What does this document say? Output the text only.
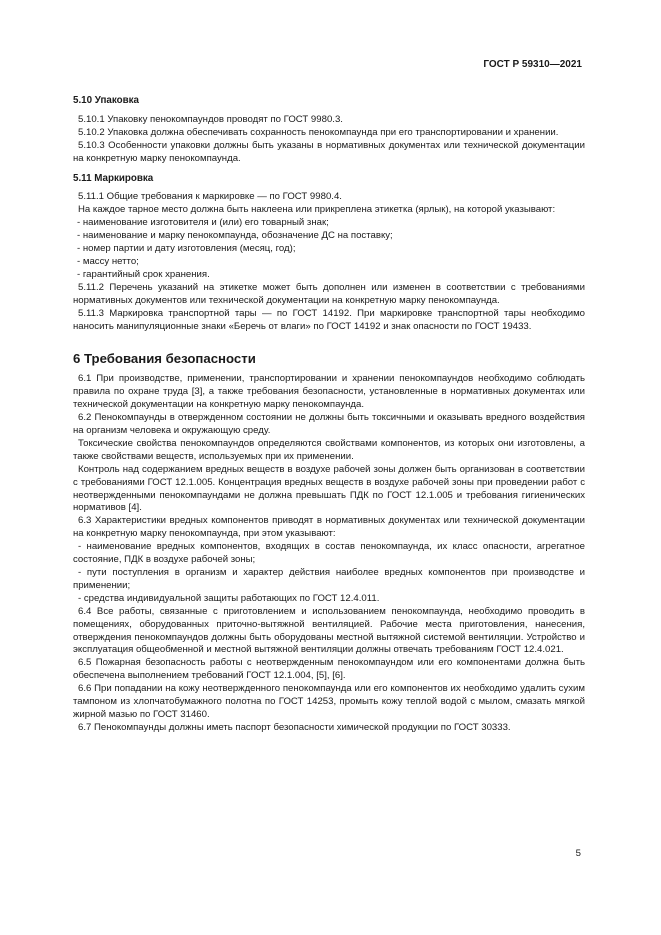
ГОСТ Р 59310—2021
5.10 Упаковка

5.10.1 Упаковку пенокомпаундов проводят по ГОСТ 9980.3.

5.10.2 Упаковка должна обеспечивать сохранность пенокомпаунда при его транспортировании и хранении.

5.10.3 Особенности упаковки должны быть указаны в нормативных документах или технической документации на конкретную марку пенокомпаунда.

5.11 Маркировка

5.11.1 Общие требования к маркировке — по ГОСТ 9980.4.

На каждое тарное место должна быть наклеена или прикреплена этикетка (ярлык), на которой указывают:

- наименование изготовителя и (или) его товарный знак;

- наименование и марку пенокомпаунда, обозначение ДС на поставку;

- номер партии и дату изготовления (месяц, год);

- массу нетто;

- гарантийный срок хранения.

5.11.2 Перечень указаний на этикетке может быть дополнен или изменен в соответствии с требованиями нормативных документов или технической документации на конкретную марку пенокомпаунда.

5.11.3 Маркировка транспортной тары — по ГОСТ 14192. При маркировке транспортной тары необходимо наносить манипуляционные знаки «Беречь от влаги» по ГОСТ 14192 и знак опасности по ГОСТ 19433.

6 Требования безопасности

6.1 При производстве, применении, транспортировании и хранении пенокомпаундов необходимо соблюдать правила по охране труда [3], а также требования безопасности, установленные в нормативных документах или технической документации на конкретную марку пенокомпаунда.

6.2 Пенокомпаунды в отвержденном состоянии не должны быть токсичными и оказывать вредного воздействия на организм человека и окружающую среду.

Токсические свойства пенокомпаундов определяются свойствами компонентов, из которых они изготовлены, а также свойствами веществ, используемых при их применении.

Контроль над содержанием вредных веществ в воздухе рабочей зоны должен быть организован в соответствии с требованиями ГОСТ 12.1.005. Концентрация вредных веществ в воздухе рабочей зоны при проведении работ с неотвержденными пенокомпаундами не должна превышать ПДК по ГОСТ 12.1.005 и требования гигиенических нормативов [4].

6.3 Характеристики вредных компонентов приводят в нормативных документах или технической документации на конкретную марку пенокомпаунда, при этом указывают:

- наименование вредных компонентов, входящих в состав пенокомпаунда, их класс опасности, агрегатное состояние, ПДК в воздухе рабочей зоны;

- пути поступления в организм и характер действия наиболее вредных компонентов при производстве и применении;

- средства индивидуальной защиты работающих по ГОСТ 12.4.011.

6.4 Все работы, связанные с приготовлением и использованием пенокомпаунда, необходимо проводить в помещениях, оборудованных приточно-вытяжной вентиляцией. Рабочие места приготовления, нанесения, отверждения пенокомпаундов должны быть оборудованы местной вытяжной системой вентиляции. Устройство и эксплуатация общеобменной и местной вытяжной вентиляции должны отвечать требованиям ГОСТ 12.4.021.

6.5 Пожарная безопасность работы с неотвержденным пенокомпаундом или его компонентами должна быть обеспечена выполнением требований ГОСТ 12.1.004, [5], [6].

6.6 При попадании на кожу неотвержденного пенокомпаунда или его компонентов их необходимо удалить сухим тампоном из хлопчатобумажного полотна по ГОСТ 14253, промыть кожу теплой водой с мылом, смазать мягкой жирной мазью по ГОСТ 31460.

6.7 Пенокомпаунды должны иметь паспорт безопасности химической продукции по ГОСТ 30333.

5
